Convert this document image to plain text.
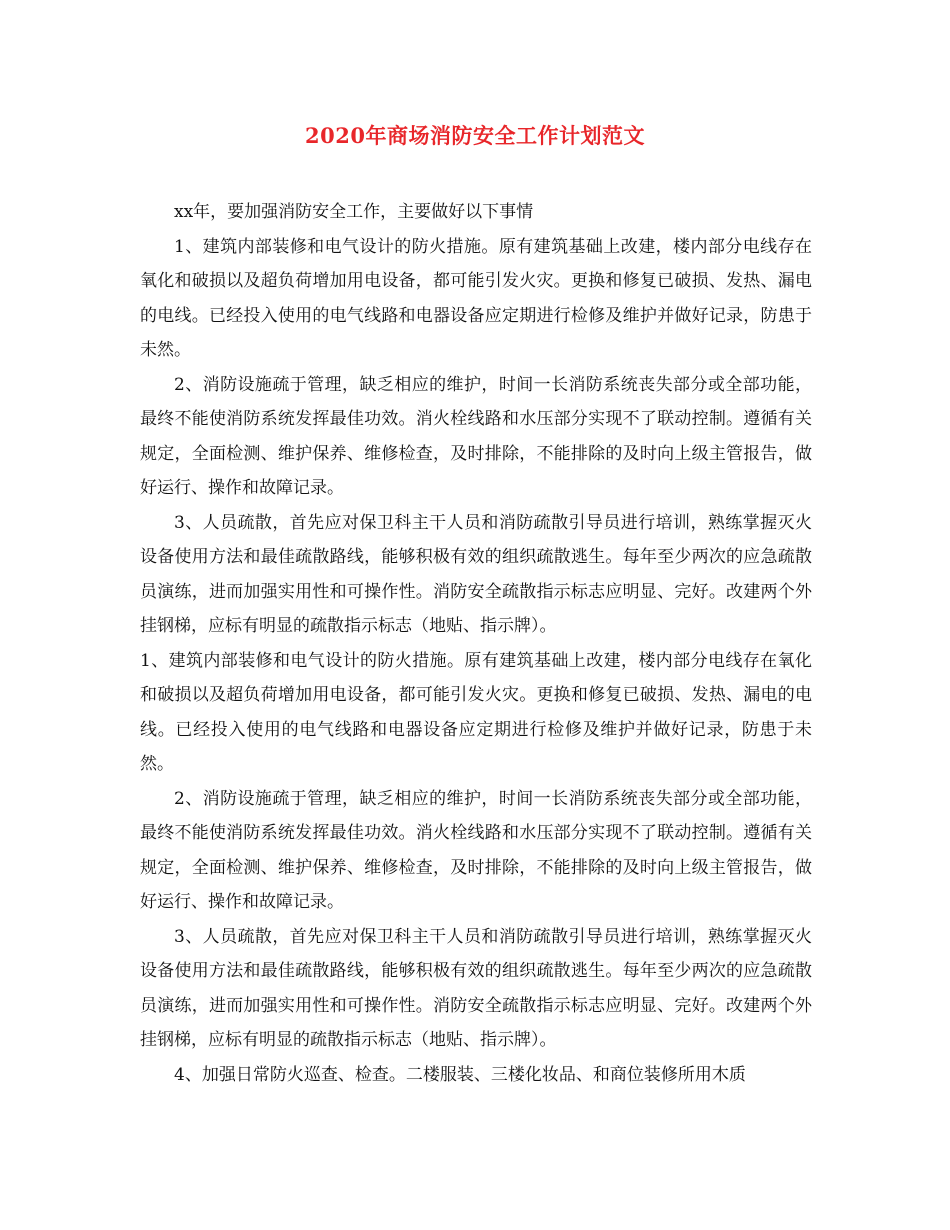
2020年商场消防安全工作计划范文

xx年，要加强消防安全工作，主要做好以下事情

1、建筑内部装修和电气设计的防火措施。原有建筑基础上改建，楼内部分电线存在氧化和破损以及超负荷增加用电设备，都可能引发火灾。更换和修复已破损、发热、漏电的电线。已经投入使用的电气线路和电器设备应定期进行检修及维护并做好记录，防患于未然。

2、消防设施疏于管理，缺乏相应的维护，时间一长消防系统丧失部分或全部功能，最终不能使消防系统发挥最佳功效。消火栓线路和水压部分实现不了联动控制。遵循有关规定，全面检测、维护保养、维修检查，及时排除，不能排除的及时向上级主管报告，做好运行、操作和故障记录。

3、人员疏散，首先应对保卫科主干人员和消防疏散引导员进行培训，熟练掌握灭火设备使用方法和最佳疏散路线，能够积极有效的组织疏散逃生。每年至少两次的应急疏散员演练，进而加强实用性和可操作性。消防安全疏散指示标志应明显、完好。改建两个外挂钢梯，应标有明显的疏散指示标志（地贴、指示牌）。

1、建筑内部装修和电气设计的防火措施。原有建筑基础上改建，楼内部分电线存在氧化和破损以及超负荷增加用电设备，都可能引发火灾。更换和修复已破损、发热、漏电的电线。已经投入使用的电气线路和电器设备应定期进行检修及维护并做好记录，防患于未然。

2、消防设施疏于管理，缺乏相应的维护，时间一长消防系统丧失部分或全部功能，最终不能使消防系统发挥最佳功效。消火栓线路和水压部分实现不了联动控制。遵循有关规定，全面检测、维护保养、维修检查，及时排除，不能排除的及时向上级主管报告，做好运行、操作和故障记录。

3、人员疏散，首先应对保卫科主干人员和消防疏散引导员进行培训，熟练掌握灭火设备使用方法和最佳疏散路线，能够积极有效的组织疏散逃生。每年至少两次的应急疏散员演练，进而加强实用性和可操作性。消防安全疏散指示标志应明显、完好。改建两个外挂钢梯，应标有明显的疏散指示标志（地贴、指示牌）。

4、加强日常防火巡查、检查。二楼服装、三楼化妆品、和商位装修所用木质
